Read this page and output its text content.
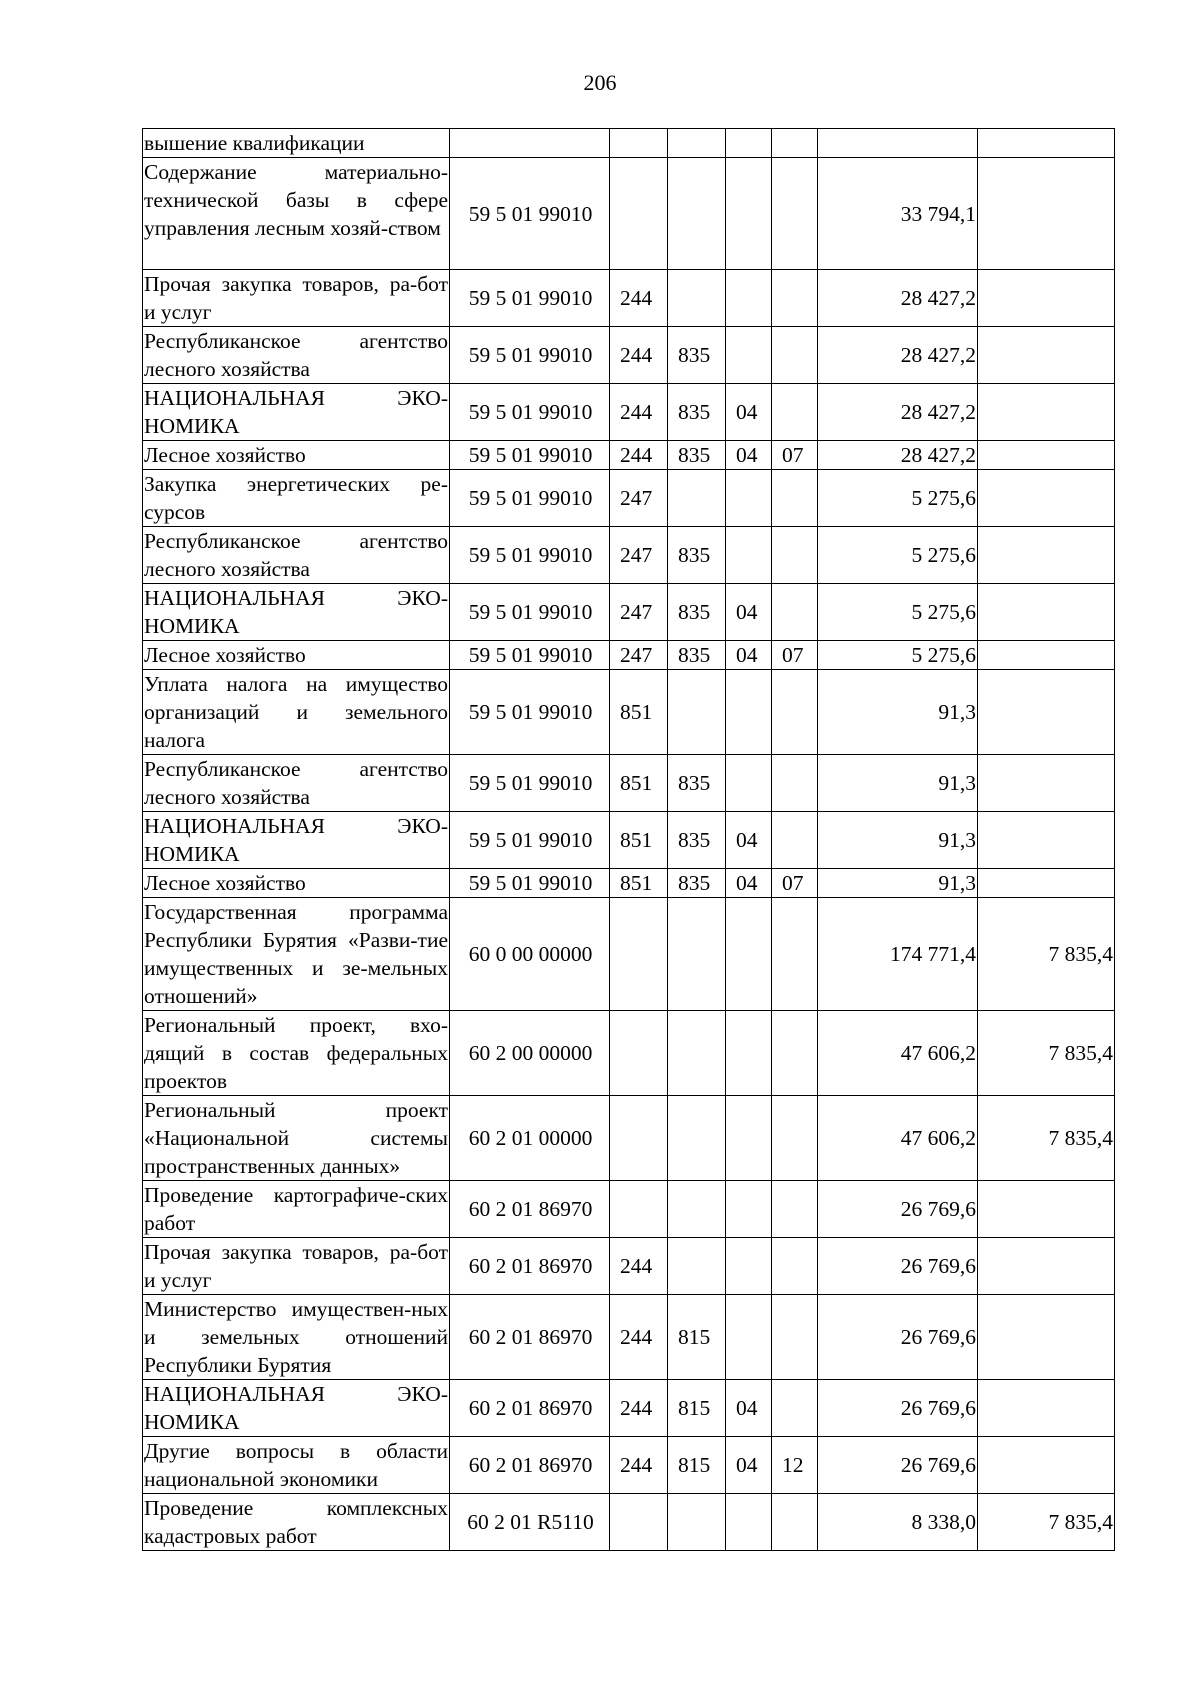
206
вышение квалификации							
Содержание материально-технической базы в сфере управления лесным хозяй-ством	59 5 01 99010					33 794,1	
Прочая закупка товаров, ра-бот и услуг	59 5 01 99010	244				28 427,2	
Республиканское агентство лесного хозяйства	59 5 01 99010	244	835			28 427,2	
НАЦИОНАЛЬНАЯ ЭКО-НОМИКА	59 5 01 99010	244	835	04		28 427,2	
Лесное хозяйство	59 5 01 99010	244	835	04	07	28 427,2	
Закупка энергетических ре-сурсов	59 5 01 99010	247				5 275,6	
Республиканское агентство лесного хозяйства	59 5 01 99010	247	835			5 275,6	
НАЦИОНАЛЬНАЯ ЭКО-НОМИКА	59 5 01 99010	247	835	04		5 275,6	
Лесное хозяйство	59 5 01 99010	247	835	04	07	5 275,6	
Уплата налога на имущество организаций и земельного налога	59 5 01 99010	851				91,3	
Республиканское агентство лесного хозяйства	59 5 01 99010	851	835			91,3	
НАЦИОНАЛЬНАЯ ЭКО-НОМИКА	59 5 01 99010	851	835	04		91,3	
Лесное хозяйство	59 5 01 99010	851	835	04	07	91,3	
Государственная программа Республики Бурятия «Разви-тие имущественных и зе-мельных отношений»	60 0 00 00000					174 771,4	7 835,4
Региональный проект, вхо-дящий в состав федеральных проектов	60 2 00 00000					47 606,2	7 835,4
Региональный проект «Национальной системы пространственных данных»	60 2 01 00000					47 606,2	7 835,4
Проведение картографиче-ских работ	60 2 01 86970					26 769,6	
Прочая закупка товаров, ра-бот и услуг	60 2 01 86970	244				26 769,6	
Министерство имуществен-ных и земельных отношений Республики Бурятия	60 2 01 86970	244	815			26 769,6	
НАЦИОНАЛЬНАЯ ЭКО-НОМИКА	60 2 01 86970	244	815	04		26 769,6	
Другие вопросы в области национальной экономики	60 2 01 86970	244	815	04	12	26 769,6	
Проведение комплексных кадастровых работ	60 2 01 R5110					8 338,0	7 835,4
